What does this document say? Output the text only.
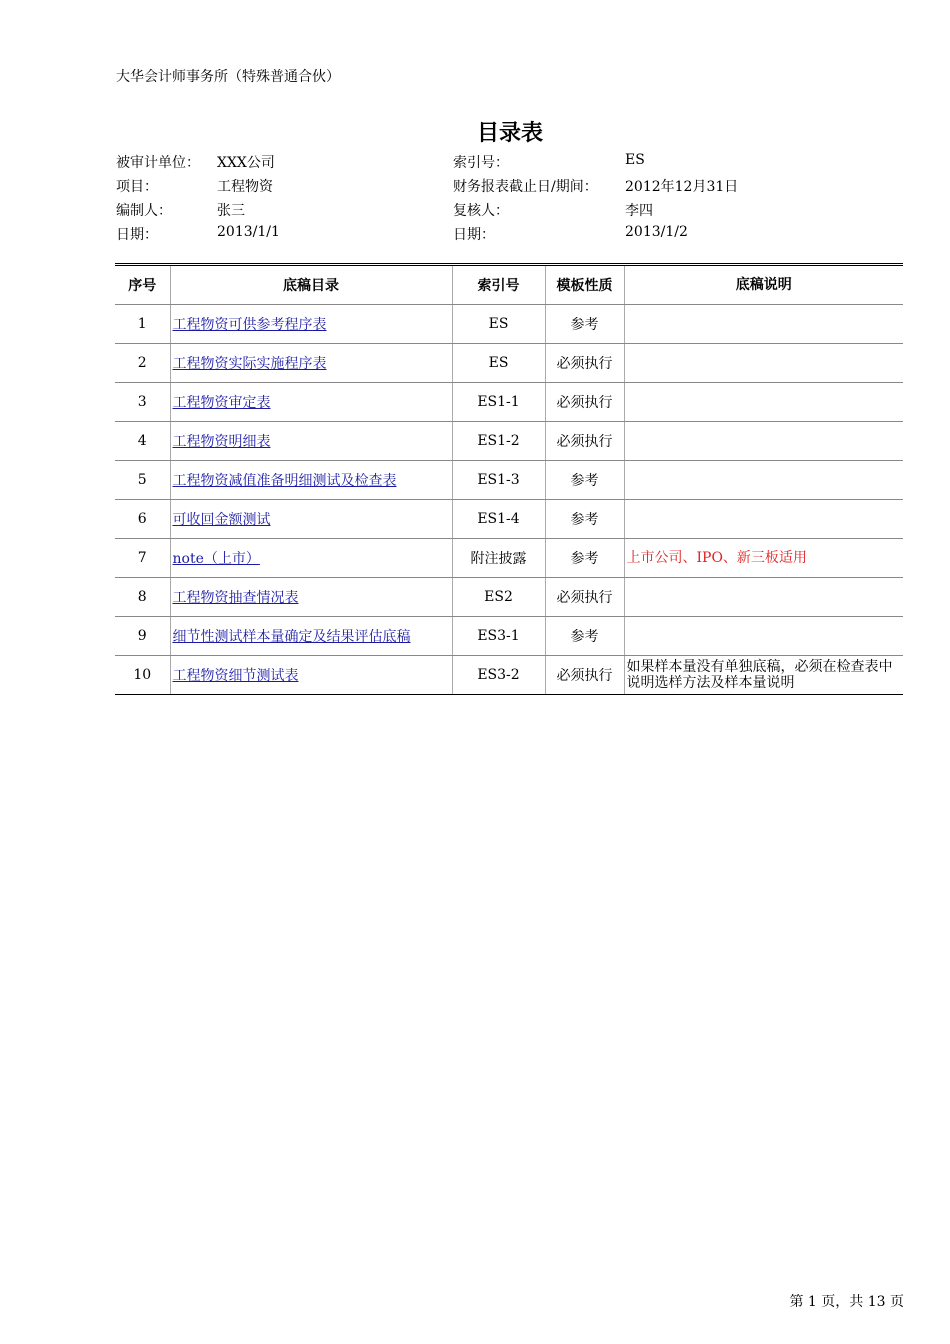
大华会计师事务所（特殊普通合伙）
目录表
被审计单位： XXX公司	索引号：	ES
项目：	工程物资	财务报表截止日/期间： 2012年12月31日
编制人：	张三	复核人：	李四
日期：	2013/1/1	日期：	2013/1/2
序号	底稿目录	索引号	模板性质	底稿说明
1	工程物资可供参考程序表	ES	参考	
2	工程物资实际实施程序表	ES	必须执行	
3	工程物资审定表	ES1-1	必须执行	
4	工程物资明细表	ES1-2	必须执行	
5	工程物资减值准备明细测试及检查表	ES1-3	参考	
6	可收回金额测试	ES1-4	参考	
7	note（上市）	附注披露	参考	上市公司、IPO、新三板适用
8	工程物资抽查情况表	ES2	必须执行	
9	细节性测试样本量确定及结果评估底稿	ES3-1	参考	
10	工程物资细节测试表	ES3-2	必须执行	如果样本量没有单独底稿，必须在检查表中说明选样方法及样本量说明
第 1 页，共 13 页
